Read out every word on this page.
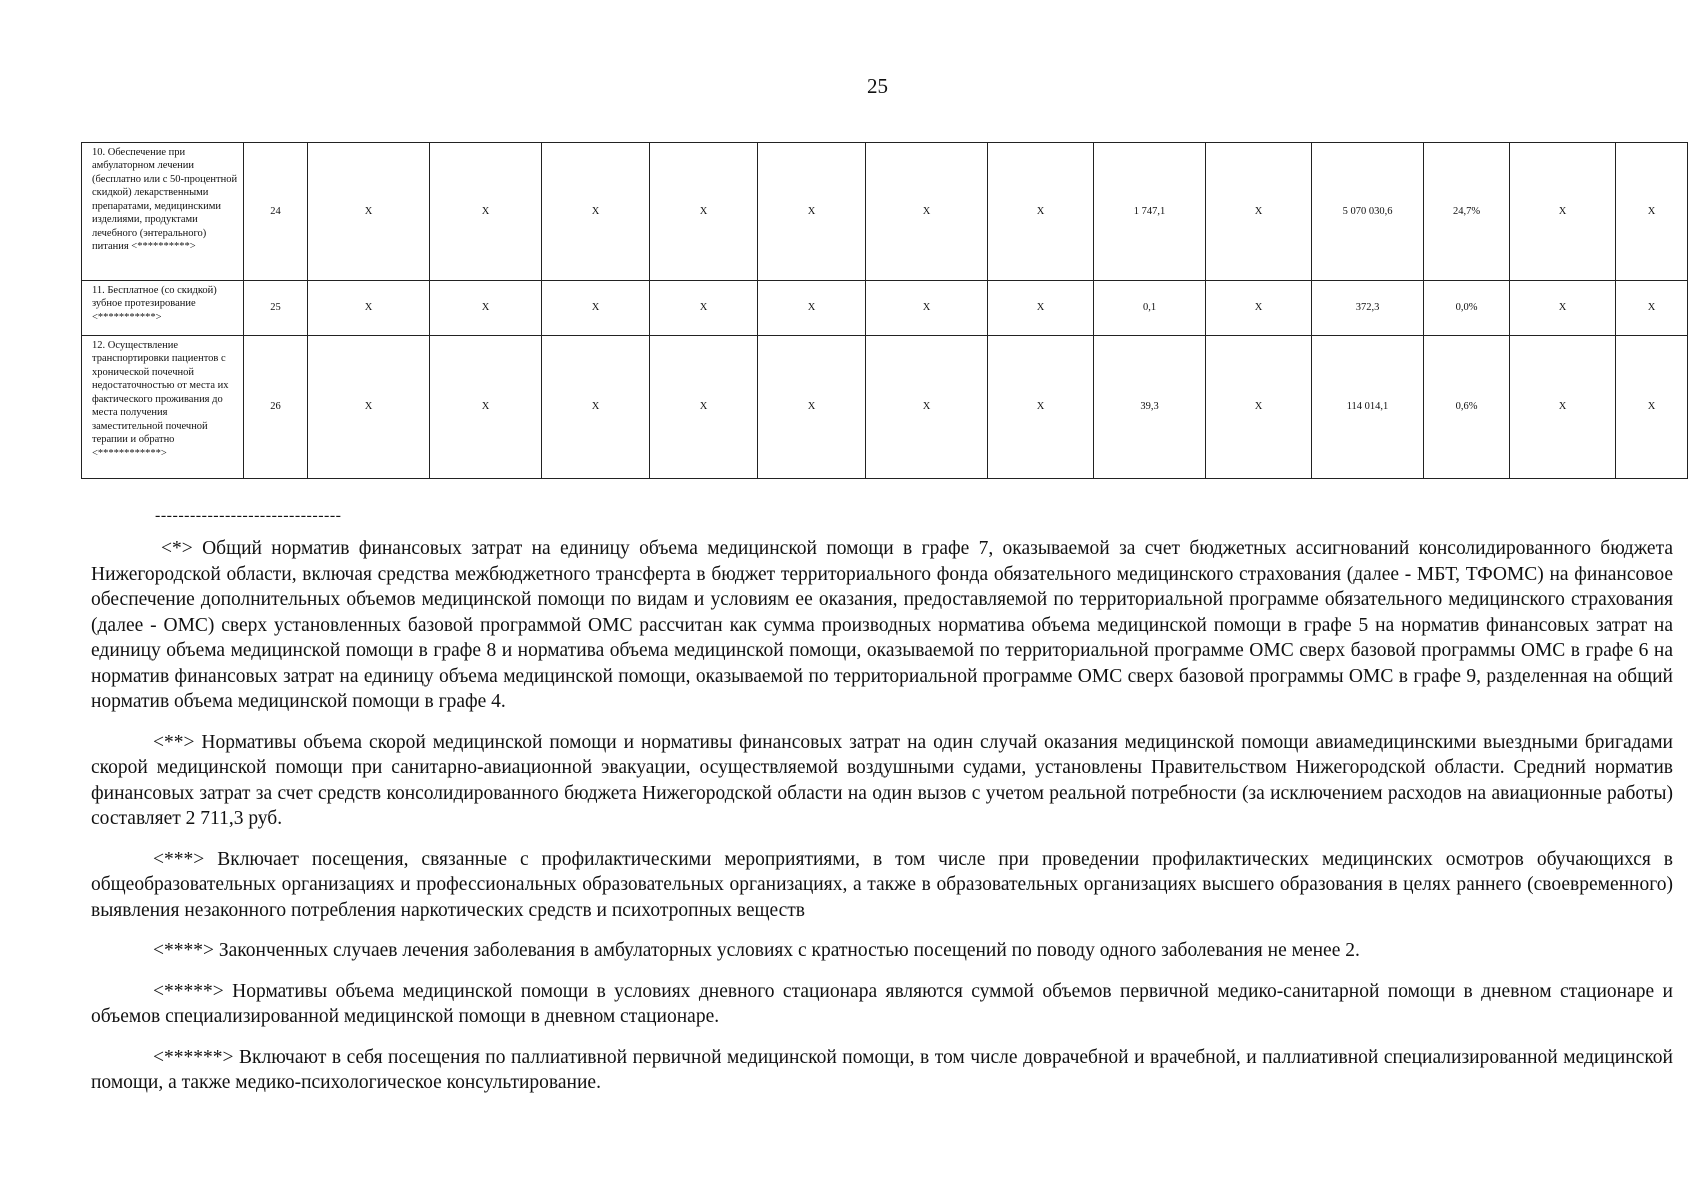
25
10. Обеспечение при амбулаторном лечении (бесплатно или с 50-процентной скидкой) лекарственными препаратами, медицинскими изделиями, продуктами лечебного (энтерального) питания <**********>	24	X	X	X	X	X	X	X	1 747,1	X	5 070 030,6	24,7%	X	X
11. Бесплатное (со скидкой) зубное протезирование <***********>	25	X	X	X	X	X	X	X	0,1	X	372,3	0,0%	X	X
12. Осуществление транспортировки пациентов с хронической почечной недостаточностью от места их фактического проживания до места получения заместительной почечной терапии и обратно <************>	26	X	X	X	X	X	X	X	39,3	X	114 014,1	0,6%	X	X
--------------------------------

<*> Общий норматив финансовых затрат на единицу объема медицинской помощи в графе 7, оказываемой за счет бюджетных ассигнований консолидированного бюджета Нижегородской области, включая средства межбюджетного трансферта в бюджет территориального фонда обязательного медицинского страхования (далее - МБТ, ТФОМС) на финансовое обеспечение дополнительных объемов медицинской помощи по видам и условиям ее оказания, предоставляемой по территориальной программе обязательного медицинского страхования (далее - ОМС) сверх установленных базовой программой ОМС рассчитан как сумма производных норматива объема медицинской помощи в графе 5 на норматив финансовых затрат на единицу объема медицинской помощи в графе 8 и норматива объема медицинской помощи, оказываемой по территориальной программе ОМС сверх базовой программы ОМС в графе 6 на норматив финансовых затрат на единицу объема медицинской помощи, оказываемой по территориальной программе ОМС сверх базовой программы ОМС в графе 9, разделенная на общий норматив объема медицинской помощи в графе 4.

<**> Нормативы объема скорой медицинской помощи и нормативы финансовых затрат на один случай оказания медицинской помощи авиамедицинскими выездными бригадами скорой медицинской помощи при санитарно-авиационной эвакуации, осуществляемой воздушными судами, установлены Правительством Нижегородской области. Средний норматив финансовых затрат за счет средств консолидированного бюджета Нижегородской области на один вызов с учетом реальной потребности (за исключением расходов на авиационные работы) составляет 2 711,3 руб.

<***> Включает посещения, связанные с профилактическими мероприятиями, в том числе при проведении профилактических медицинских осмотров обучающихся в общеобразовательных организациях и профессиональных образовательных организациях, а также в образовательных организациях высшего образования в целях раннего (своевременного) выявления незаконного потребления наркотических средств и психотропных веществ

<****> Законченных случаев лечения заболевания в амбулаторных условиях с кратностью посещений по поводу одного заболевания не менее 2.

<*****> Нормативы объема медицинской помощи в условиях дневного стационара являются суммой объемов первичной медико-санитарной помощи в дневном стационаре и объемов специализированной медицинской помощи в дневном стационаре.

<******> Включают в себя посещения по паллиативной первичной медицинской помощи, в том числе доврачебной и врачебной, и паллиативной специализированной медицинской помощи, а также медико-психологическое консультирование.
